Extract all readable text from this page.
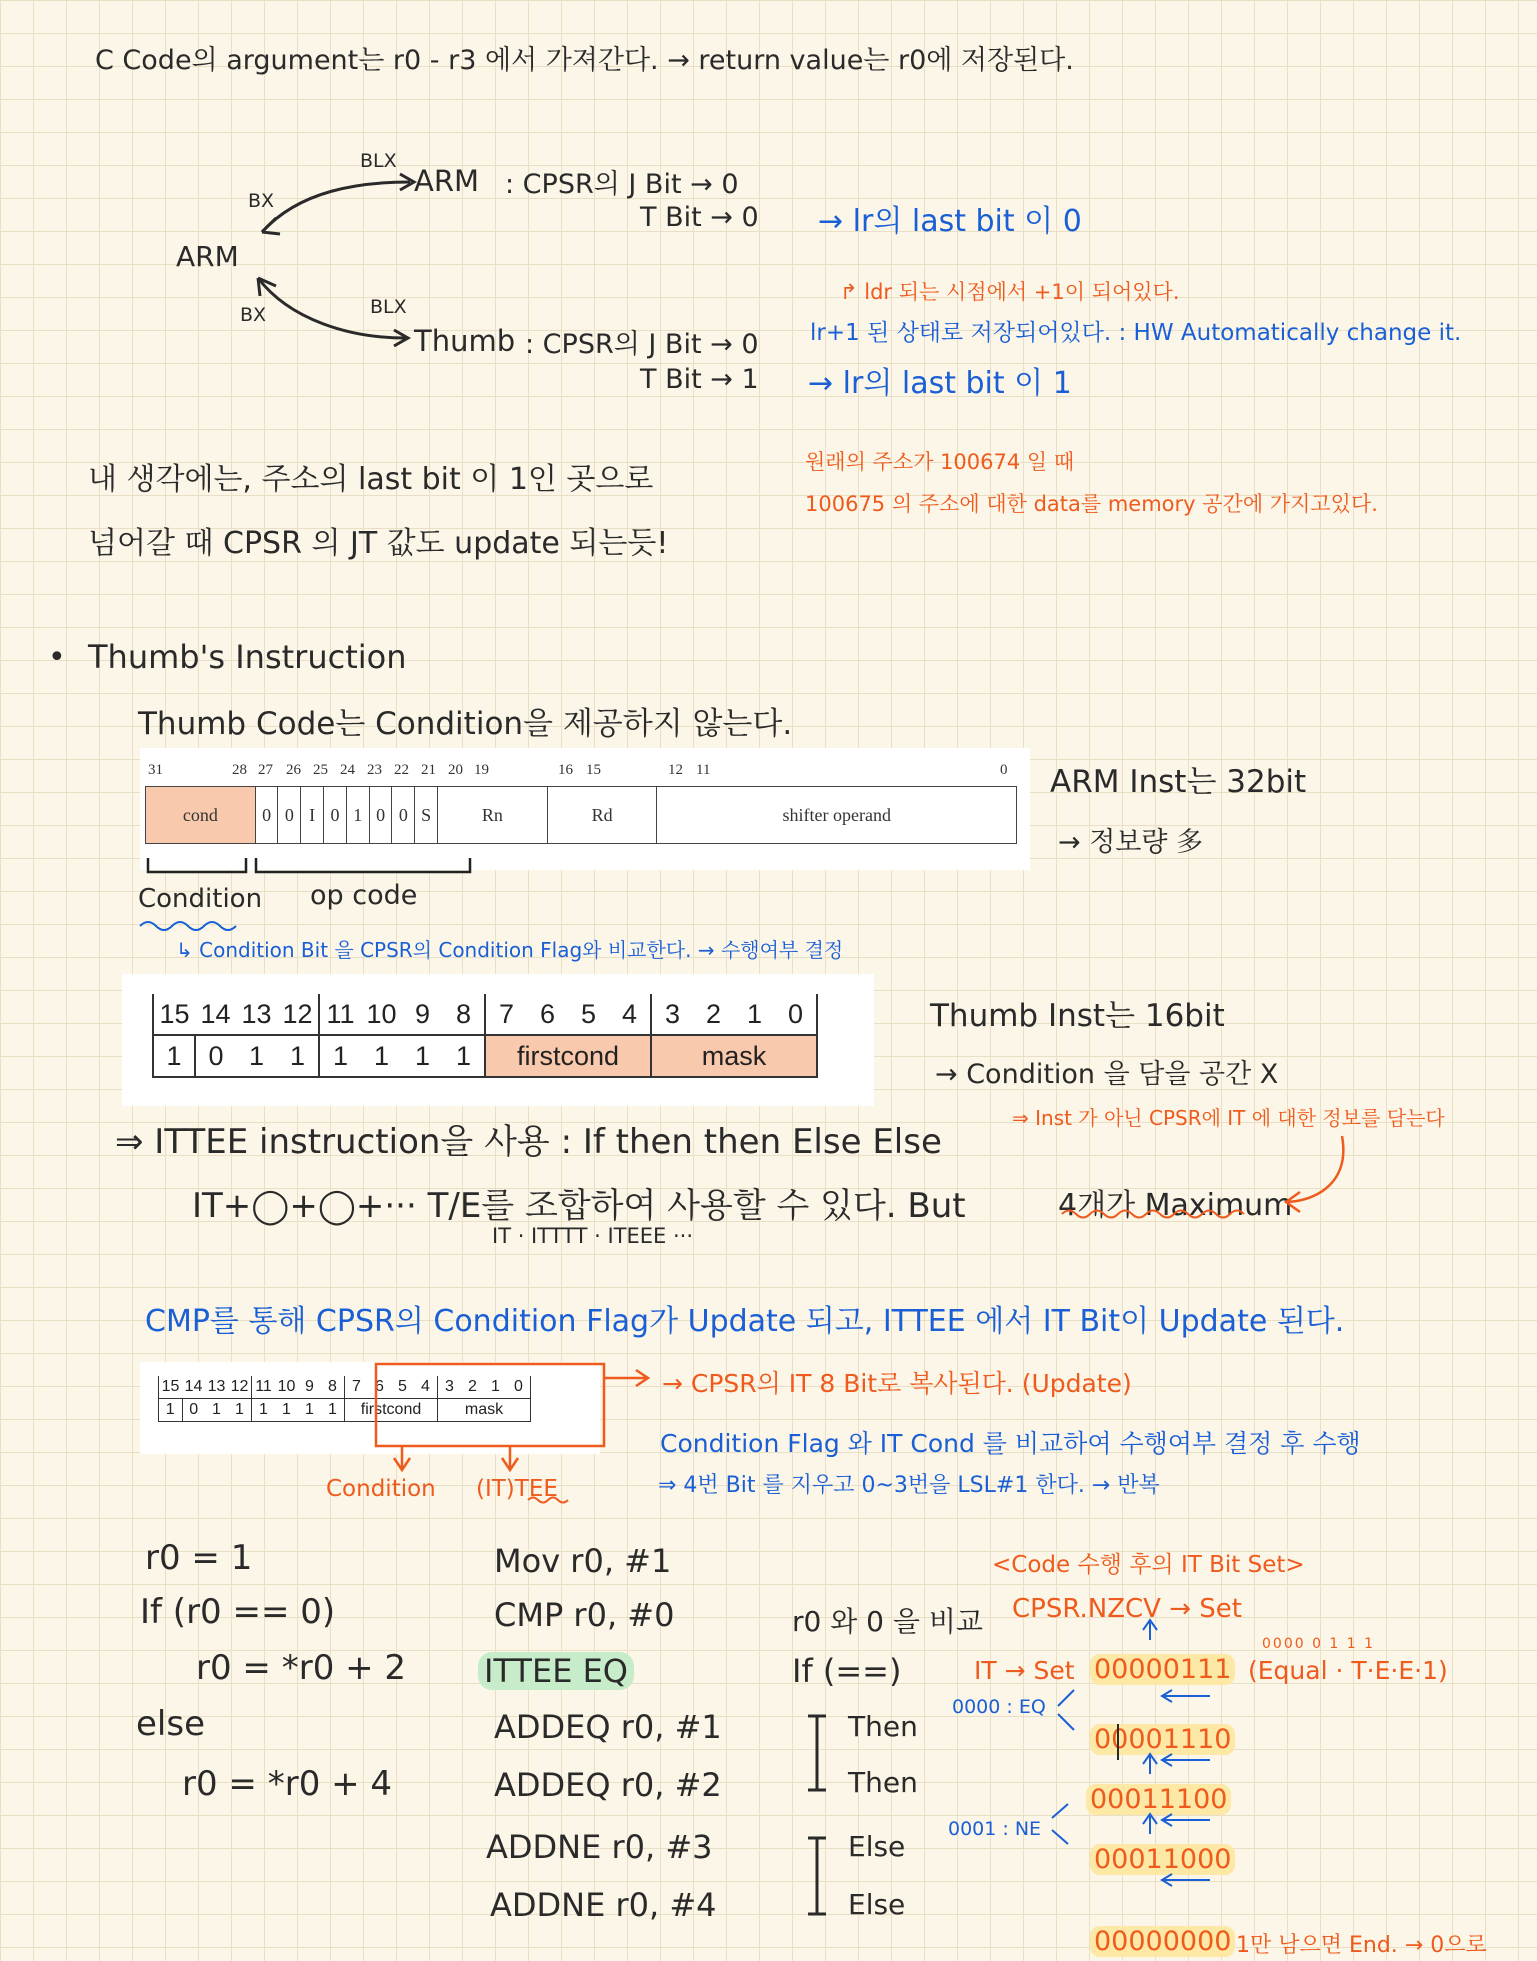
C Code의 argument는 r0 - r3 에서 가져간다. → return value는 r0에 저장된다.
BLX
BX
ARM
BX	BLX
ARM : CPSR의 J Bit → 0
T Bit → 0 → lr의 last bit 이 0
↱ ldr 되는 시점에서 +1이 되어있다.
lr+1 된 상태로 저장되어있다. : HW Automatically change it.
Thumb : CPSR의 J Bit → 0
T Bit → 1 → lr의 last bit 이 1
내 생각에는, 주소의 last bit 이 1인 곳으로
넘어갈 때 CPSR 의 JT 값도 update 되는듯!
원래의 주소가 100674 일 때
100675 의 주소에 대한 data를 memory 공간에 가지고있다.
• Thumb's Instruction
Thumb Code는 Condition을 제공하지 않는다.
31	28 27 26 25 24 23 22 21 20 19	16 15	12 11	0
cond	0	0	I	0	1	0	0	S	Rn	Rd	shifter operand
ARM Inst는 32bit
→ 정보량 多
Condition op code
↳ Condition Bit 을 CPSR의 Condition Flag와 비교한다. → 수행여부 결정
15	14	13	12	11	10	9	8	7	6	5	4	3	2	1	0
1	0	1	1	1	1	1	1	firstcond				mask			
Thumb Inst는 16bit
→ Condition 을 담을 공간 X
⇒ Inst 가 아닌 CPSR에 IT 에 대한 정보를 담는다
⇒ ITTEE instruction을 사용 : If then then Else Else
IT+◯+◯+··· T/E를 조합하여 사용할 수 있다. But	4개가 Maximum
IT · ITTTT · ITEEE ···
CMP를 통해 CPSR의 Condition Flag가 Update 되고, ITTEE 에서 IT Bit이 Update 된다.
15	14	13	12	11	10	9	8	7	6	5	4	3	2	1	0
1	0	1	1	1	1	1	1	firstcond				mask			
→ CPSR의 IT 8 Bit로 복사된다. (Update)
Condition Flag 와 IT Cond 를 비교하여 수행여부 결정 후 수행
⇒ 4번 Bit 를 지우고 0~3번을 LSL#1 한다. → 반복
Condition (IT)TEE
r0 = 1
If (r0 == 0)
r0 = *r0 + 2
else
r0 = *r0 + 4
Mov r0, #1
CMP r0, #0
ITTEE EQ
ADDEQ r0, #1
ADDEQ r0, #2
ADDNE r0, #3
ADDNE r0, #4
r0 와 0 을 비교
If (==)
Then
Then
Else
Else
<Code 수행 후의 IT Bit Set>
CPSR.NZCV → Set
IT → Set 00000111
0000 0 1 1 1
(Equal · T·E·E·1)
00001110
00011100
00011000
00000000 1만 남으면 End. → 0으로
0000 : EQ
0001 : NE
